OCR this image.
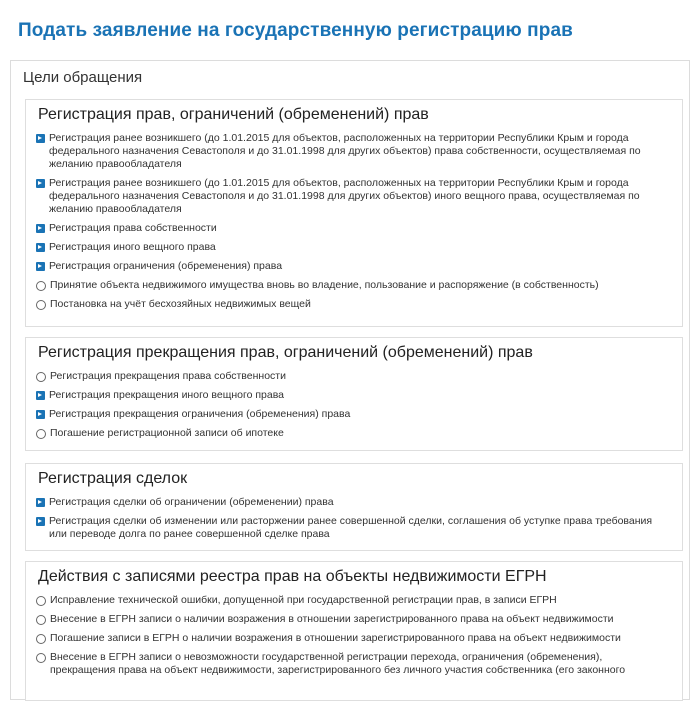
Подать заявление на государственную регистрацию прав
Цели обращения
Регистрация прав, ограничений (обременений) прав
Регистрация ранее возникшего (до 1.01.2015 для объектов, расположенных на территории Республики Крым и города федерального назначения Севастополя и до 31.01.1998 для других объектов) права собственности, осуществляемая по желанию правообладателя
Регистрация ранее возникшего (до 1.01.2015 для объектов, расположенных на территории Республики Крым и города федерального назначения Севастополя и до 31.01.1998 для других объектов) иного вещного права, осуществляемая по желанию правообладателя
Регистрация права собственности
Регистрация иного вещного права
Регистрация ограничения (обременения) права
Принятие объекта недвижимого имущества вновь во владение, пользование и распоряжение (в собственность)
Постановка на учёт бесхозяйных недвижимых вещей
Регистрация прекращения прав, ограничений (обременений) прав
Регистрация прекращения права собственности
Регистрация прекращения иного вещного права
Регистрация прекращения ограничения (обременения) права
Погашение регистрационной записи об ипотеке
Регистрация сделок
Регистрация сделки об ограничении (обременении) права
Регистрация сделки об изменении или расторжении ранее совершенной сделки, соглашения об уступке права требования или переводе долга по ранее совершенной сделке права
Действия с записями реестра прав на объекты недвижимости ЕГРН
Исправление технической ошибки, допущенной при государственной регистрации прав, в записи ЕГРН
Внесение в ЕГРН записи о наличии возражения в отношении зарегистрированного права на объект недвижимости
Погашение записи в ЕГРН о наличии возражения в отношении зарегистрированного права на объект недвижимости
Внесение в ЕГРН записи о невозможности государственной регистрации перехода, ограничения (обременения), прекращения права на объект недвижимости, зарегистрированного без личного участия собственника (его законного
